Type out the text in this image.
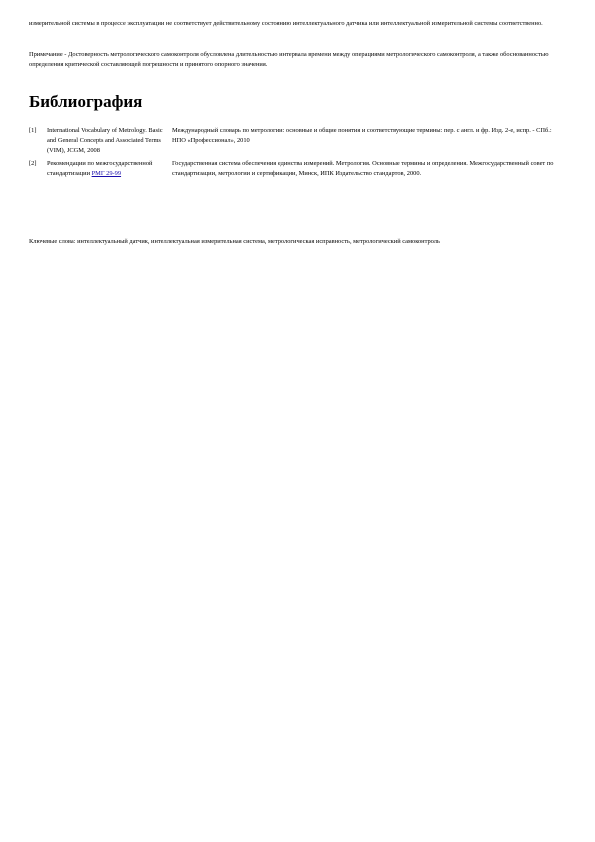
измерительной системы в процессе эксплуатации не соответствует действительному состоянию интеллектуального датчика или интеллектуальной измерительной системы соответственно.

Примечание - Достоверность метрологического самоконтроля обусловлена длительностью интервала времени между операциями метрологического самоконтроля, а также обоснованностью определения критической составляющей погрешности и принятого опорного значения.

Библиография
[1]	International Vocabulary of Metrology. Basic and General Concepts and Associated Terms (VIM), JCGM, 2008	Международный словарь по метрологии: основные и общие понятия и соответствующие термины: пер. с англ. и фр. Изд. 2-е, испр. - СПб.: НПО «Профессионал», 2010
[2]	Рекомендации по межгосударственной стандартизации РМГ 29-99	Государственная система обеспечения единства измерений. Метрология. Основные термины и определения. Межгосударственный совет по стандартизации, метрологии и сертификации, Минск, ИПК Издательство стандартов, 2000.

Ключевые слова: интеллектуальный датчик, интеллектуальная измерительная система, метрологическая исправность, метрологический самоконтроль
